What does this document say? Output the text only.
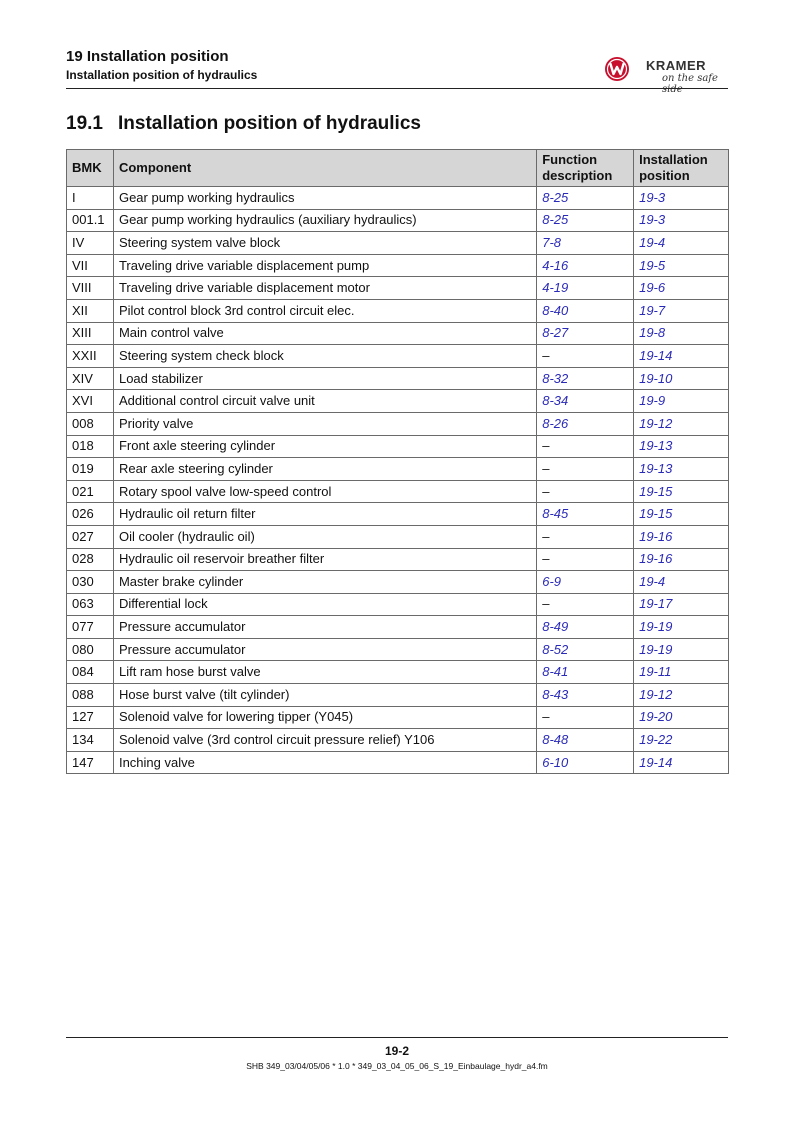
19 Installation position
Installation position of hydraulics
KRAMER
on the safe side
19.1 Installation position of hydraulics
BMK	Component	Function description	Installation position
I	Gear pump working hydraulics	8-25	19-3
001.1	Gear pump working hydraulics (auxiliary hydraulics)	8-25	19-3
IV	Steering system valve block	7-8	19-4
VII	Traveling drive variable displacement pump	4-16	19-5
VIII	Traveling drive variable displacement motor	4-19	19-6
XII	Pilot control block 3rd control circuit elec.	8-40	19-7
XIII	Main control valve	8-27	19-8
XXII	Steering system check block	–	19-14
XIV	Load stabilizer	8-32	19-10
XVI	Additional control circuit valve unit	8-34	19-9
008	Priority valve	8-26	19-12
018	Front axle steering cylinder	–	19-13
019	Rear axle steering cylinder	–	19-13
021	Rotary spool valve low-speed control	–	19-15
026	Hydraulic oil return filter	8-45	19-15
027	Oil cooler (hydraulic oil)	–	19-16
028	Hydraulic oil reservoir breather filter	–	19-16
030	Master brake cylinder	6-9	19-4
063	Differential lock	–	19-17
077	Pressure accumulator	8-49	19-19
080	Pressure accumulator	8-52	19-19
084	Lift ram hose burst valve	8-41	19-11
088	Hose burst valve (tilt cylinder)	8-43	19-12
127	Solenoid valve for lowering tipper (Y045)	–	19-20
134	Solenoid valve (3rd control circuit pressure relief) Y106	8-48	19-22
147	Inching valve	6-10	19-14
19-2
SHB 349_03/04/05/06 * 1.0 * 349_03_04_05_06_S_19_Einbaulage_hydr_a4.fm
